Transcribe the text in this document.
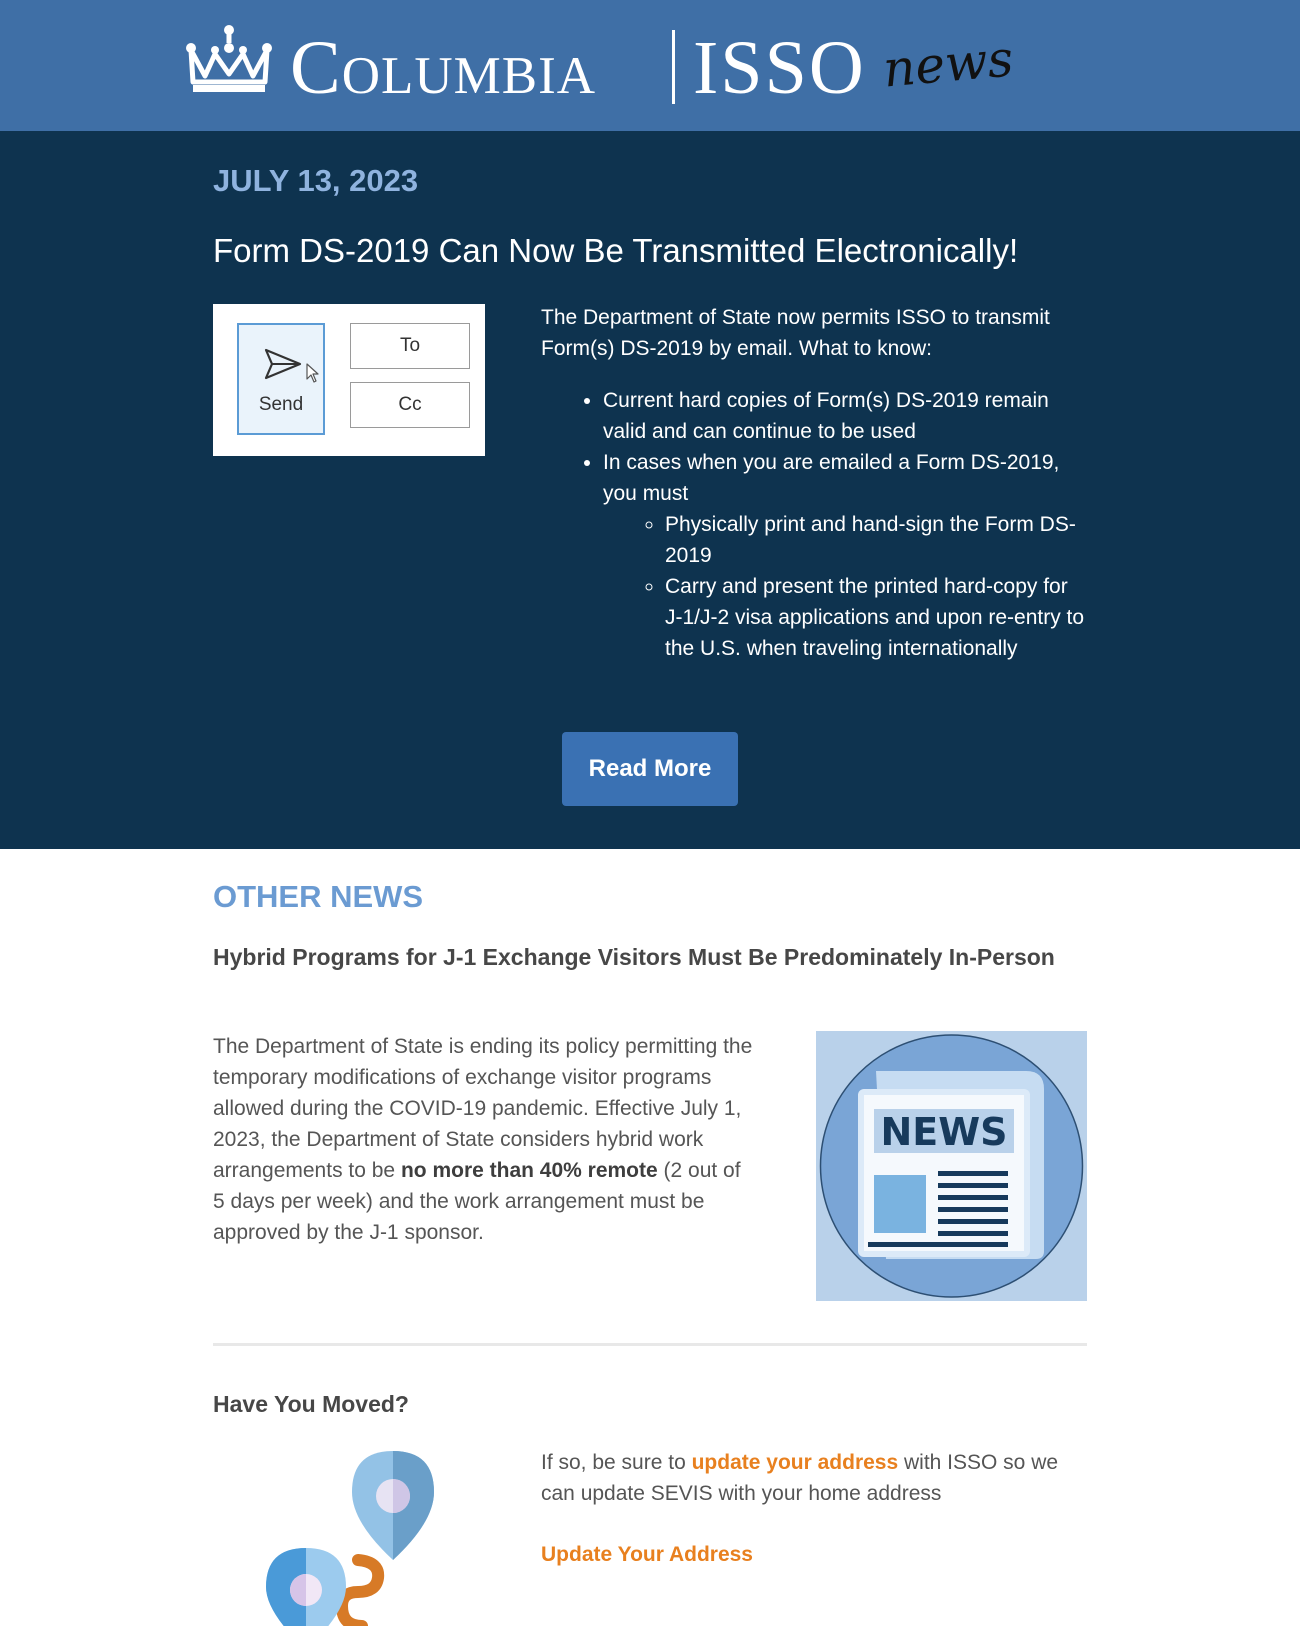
Columbia ISSO news
JULY 13, 2023
Form DS-2019 Can Now Be Transmitted Electronically!
Send
To
Cc

The Department of State now permits ISSO to transmit Form(s) DS-2019 by email. What to know:

• Current hard copies of Form(s) DS-2019 remain valid and can continue to be used
• In cases when you are emailed a Form DS-2019, you must
◦ Physically print and hand-sign the Form DS-2019
◦ Carry and present the printed hard-copy for J-1/J-2 visa applications and upon re-entry to the U.S. when traveling internationally
Read More
OTHER NEWS
Hybrid Programs for J-1 Exchange Visitors Must Be Predominately In-Person
The Department of State is ending its policy permitting the temporary modifications of exchange visitor programs allowed during the COVID-19 pandemic. Effective July 1, 2023, the Department of State considers hybrid work arrangements to be no more than 40% remote (2 out of 5 days per week) and the work arrangement must be approved by the J-1 sponsor.
NEWS
Have You Moved?
If so, be sure to update your address with ISSO so we can update SEVIS with your home address
Update Your Address
